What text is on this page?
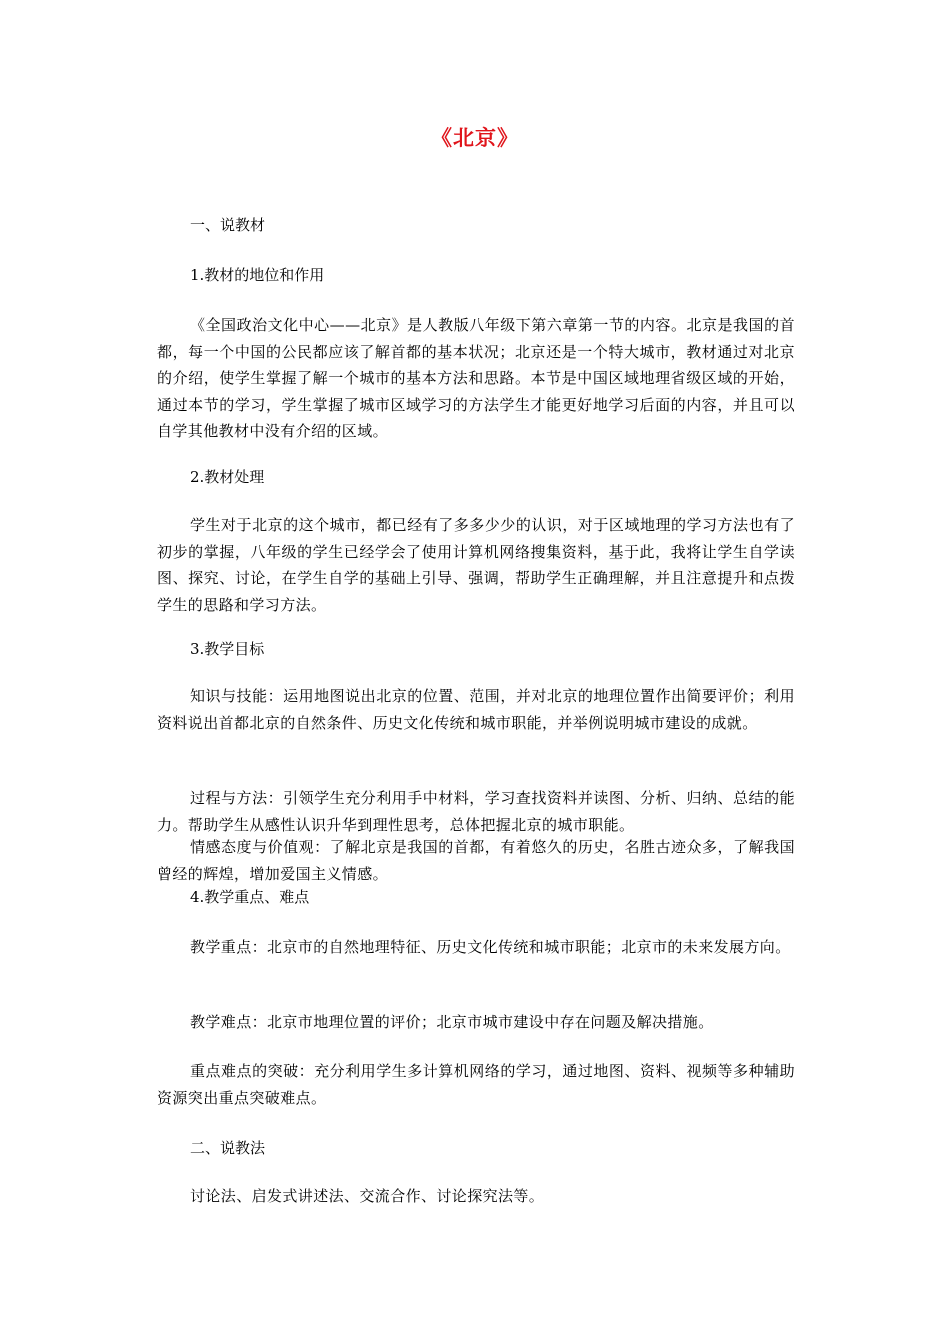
《北京》
一、说教材
1.教材的地位和作用
《全国政治文化中心——北京》是人教版八年级下第六章第一节的内容。北京是我国的首都，每一个中国的公民都应该了解首都的基本状况；北京还是一个特大城市，教材通过对北京的介绍，使学生掌握了解一个城市的基本方法和思路。本节是中国区域地理省级区域的开始，通过本节的学习，学生掌握了城市区域学习的方法学生才能更好地学习后面的内容，并且可以自学其他教材中没有介绍的区域。
2.教材处理
学生对于北京的这个城市，都已经有了多多少少的认识，对于区域地理的学习方法也有了初步的掌握，八年级的学生已经学会了使用计算机网络搜集资料，基于此，我将让学生自学读图、探究、讨论，在学生自学的基础上引导、强调，帮助学生正确理解，并且注意提升和点拨学生的思路和学习方法。
3.教学目标
知识与技能：运用地图说出北京的位置、范围，并对北京的地理位置作出简要评价；利用资料说出首都北京的自然条件、历史文化传统和城市职能，并举例说明城市建设的成就。
过程与方法：引领学生充分利用手中材料，学习查找资料并读图、分析、归纳、总结的能力。帮助学生从感性认识升华到理性思考，总体把握北京的城市职能。
情感态度与价值观：了解北京是我国的首都，有着悠久的历史，名胜古迹众多，了解我国曾经的辉煌，增加爱国主义情感。
4.教学重点、难点
教学重点：北京市的自然地理特征、历史文化传统和城市职能；北京市的未来发展方向。
教学难点：北京市地理位置的评价；北京市城市建设中存在问题及解决措施。
重点难点的突破：充分利用学生多计算机网络的学习，通过地图、资料、视频等多种辅助资源突出重点突破难点。
二、说教法
讨论法、启发式讲述法、交流合作、讨论探究法等。
